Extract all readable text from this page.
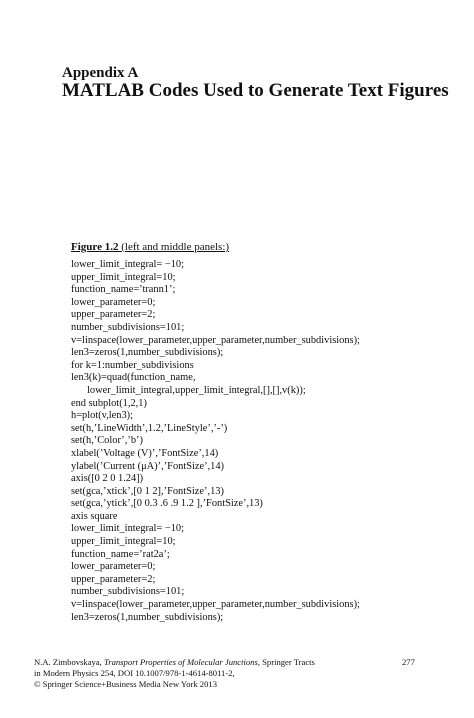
Appendix A
MATLAB Codes Used to Generate Text Figures
Figure 1.2 (left and middle panels:)
lower_limit_integral= −10;
upper_limit_integral=10;
function_name=’trann1’;
lower_parameter=0;
upper_parameter=2;
number_subdivisions=101;
v=linspace(lower_parameter,upper_parameter,number_subdivisions);
len3=zeros(1,number_subdivisions);
for k=1:number_subdivisions
len3(k)=quad(function_name,
lower_limit_integral,upper_limit_integral,[],[],v(k));
end subplot(1,2,1)
h=plot(v,len3);
set(h,’LineWidth’,1.2,’LineStyle’,’-’)
set(h,’Color’,’b’)
xlabel(’Voltage (V)’,’FontSize’,14)
ylabel(’Current (μA)’,’FontSize’,14)
axis([0 2 0 1.24])
set(gca,’xtick’,[0 1 2],’FontSize’,13)
set(gca,’ytick’,[0 0.3 .6 .9 1.2 ],’FontSize’,13)
axis square
lower_limit_integral= −10;
upper_limit_integral=10;
function_name=’rat2a’;
lower_parameter=0;
upper_parameter=2;
number_subdivisions=101;
v=linspace(lower_parameter,upper_parameter,number_subdivisions);
len3=zeros(1,number_subdivisions);
N.A. Zimbovskaya, Transport Properties of Molecular Junctions, Springer Tracts
in Modern Physics 254, DOI 10.1007/978-1-4614-8011-2,
© Springer Science+Business Media New York 2013
277
